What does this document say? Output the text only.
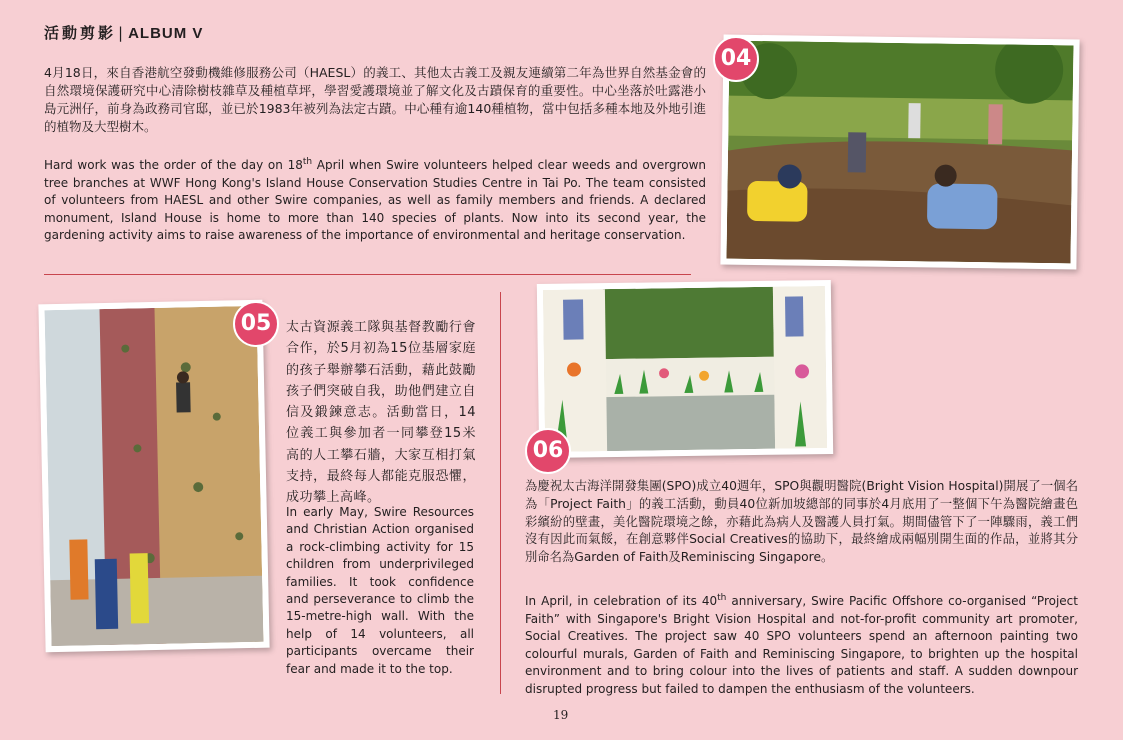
活動剪影 | ALBUM V

4月18日，來自香港航空發動機維修服務公司（HAESL）的義工、其他太古義工及親友連續第二年為世界自然基金會的自然環境保護研究中心清除樹枝雜草及種植草坪，學習愛護環境並了解文化及古蹟保育的重要性。中心坐落於吐露港小島元洲仔，前身為政務司官邸，並已於1983年被列為法定古蹟。中心種有逾140種植物，當中包括多種本地及外地引進的植物及大型樹木。

Hard work was the order of the day on 18th April when Swire volunteers helped clear weeds and overgrown tree branches at WWF Hong Kong's Island House Conservation Studies Centre in Tai Po. The team consisted of volunteers from HAESL and other Swire companies, as well as family members and friends. A declared monument, Island House is home to more than 140 species of plants. Now into its second year, the gardening activity aims to raise awareness of the importance of environmental and heritage conservation.

04
05	太古資源義工隊與基督教勵行會合作，於5月初為15位基層家庭的孩子舉辦攀石活動，藉此鼓勵孩子們突破自我，助他們建立自信及鍛鍊意志。活動當日，14位義工與參加者一同攀登15米高的人工攀石牆，大家互相打氣支持，最終每人都能克服恐懼，成功攀上高峰。

In early May, Swire Resources and Christian Action organised a rock-climbing activity for 15 children from underprivileged families. It took confidence and perseverance to climb the 15-metre-high wall. With the help of 14 volunteers, all participants overcame their fear and made it to the top.

06

為慶祝太古海洋開發集團(SPO)成立40週年，SPO與觀明醫院(Bright Vision Hospital)開展了一個名為「Project Faith」的義工活動，動員40位新加坡總部的同事於4月底用了一整個下午為醫院繪畫色彩繽紛的壁畫，美化醫院環境之餘，亦藉此為病人及醫護人員打氣。期間儘管下了一陣驟雨，義工們沒有因此而氣餒，在創意夥伴Social Creatives的協助下，最終繪成兩幅別開生面的作品，並將其分別命名為Garden of Faith及Reminiscing Singapore。

In April, in celebration of its 40th anniversary, Swire Pacific Offshore co-organised “Project Faith” with Singapore's Bright Vision Hospital and not-for-profit community art promoter, Social Creatives. The project saw 40 SPO volunteers spend an afternoon painting two colourful murals, Garden of Faith and Reminiscing Singapore, to brighten up the hospital environment and to bring colour into the lives of patients and staff. A sudden downpour disrupted progress but failed to dampen the enthusiasm of the volunteers.

19
